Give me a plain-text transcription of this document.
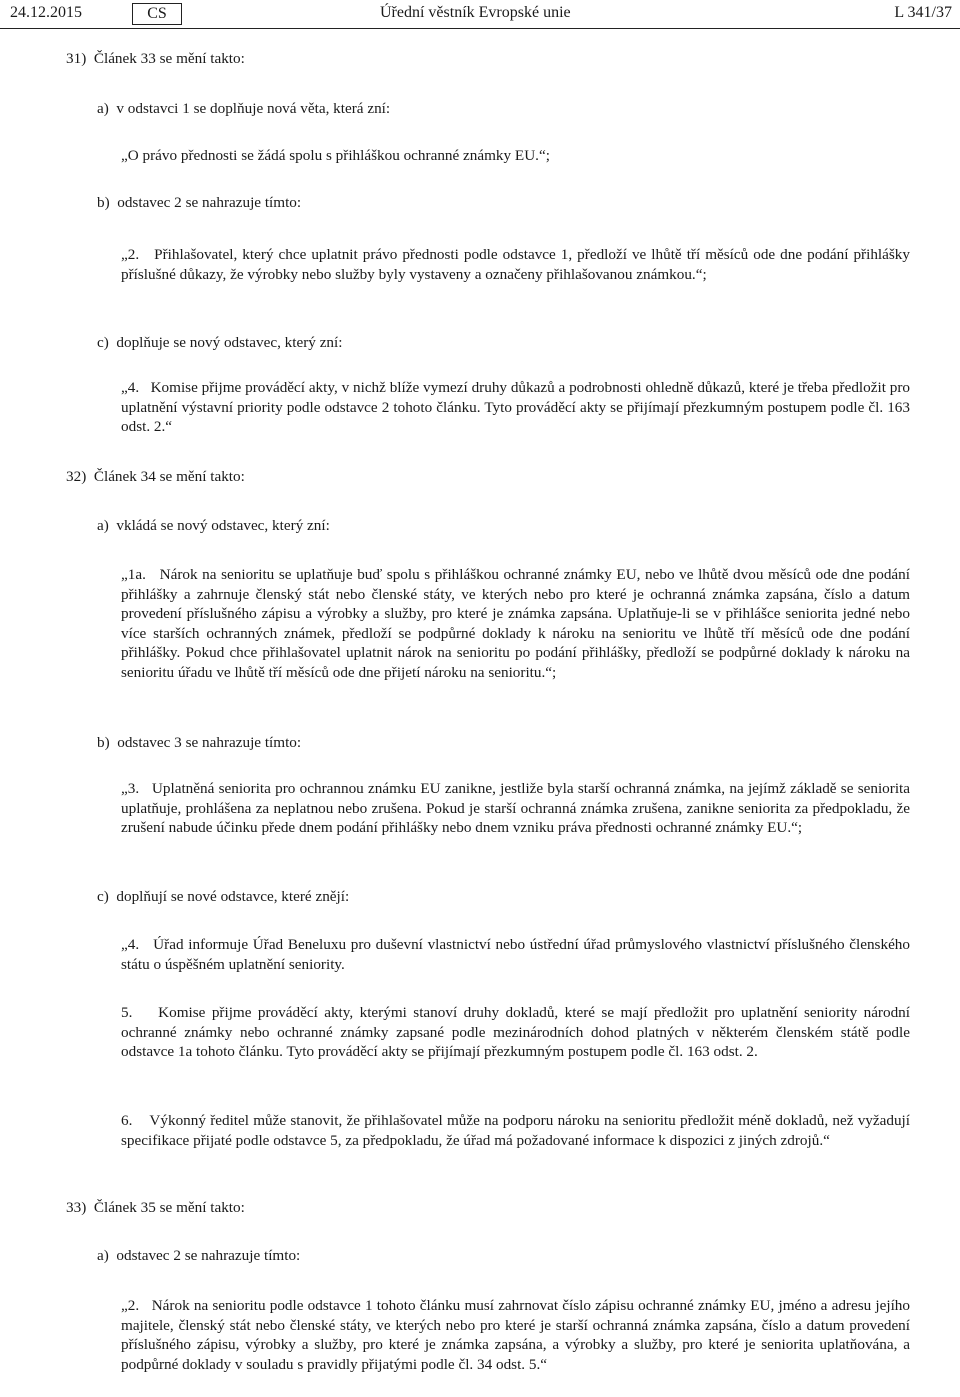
24.12.2015	CS	Úřední věstník Evropské unie	L 341/37

31)  Článek 33 se mění takto:

a)  v odstavci 1 se doplňuje nová věta, která zní:

„O právo přednosti se žádá spolu s přihláškou ochranné známky EU.“;

b)  odstavec 2 se nahrazuje tímto:

„2.   Přihlašovatel, který chce uplatnit právo přednosti podle odstavce 1, předloží ve lhůtě tří měsíců ode dne podání přihlášky příslušné důkazy, že výrobky nebo služby byly vystaveny a označeny přihlašovanou známkou.“;

c)  doplňuje se nový odstavec, který zní:

„4.   Komise přijme prováděcí akty, v nichž blíže vymezí druhy důkazů a podrobnosti ohledně důkazů, které je třeba předložit pro uplatnění výstavní priority podle odstavce 2 tohoto článku. Tyto prováděcí akty se přijímají přezkumným postupem podle čl. 163 odst. 2.“

32)  Článek 34 se mění takto:

a)  vkládá se nový odstavec, který zní:

„1a.   Nárok na senioritu se uplatňuje buď spolu s přihláškou ochranné známky EU, nebo ve lhůtě dvou měsíců ode dne podání přihlášky a zahrnuje členský stát nebo členské státy, ve kterých nebo pro které je ochranná známka zapsána, číslo a datum provedení příslušného zápisu a výrobky a služby, pro které je známka zapsána. Uplatňuje-li se v přihlášce seniorita jedné nebo více starších ochranných známek, předloží se podpůrné doklady k nároku na senioritu ve lhůtě tří měsíců ode dne podání přihlášky. Pokud chce přihlašovatel uplatnit nárok na senioritu po podání přihlášky, předloží se podpůrné doklady k nároku na senioritu úřadu ve lhůtě tří měsíců ode dne přijetí nároku na senioritu.“;

b)  odstavec 3 se nahrazuje tímto:

„3.   Uplatněná seniorita pro ochrannou známku EU zanikne, jestliže byla starší ochranná známka, na jejímž základě se seniorita uplatňuje, prohlášena za neplatnou nebo zrušena. Pokud je starší ochranná známka zrušena, zanikne seniorita za předpokladu, že zrušení nabude účinku přede dnem podání přihlášky nebo dnem vzniku práva přednosti ochranné známky EU.“;

c)  doplňují se nové odstavce, které znějí:

„4.   Úřad informuje Úřad Beneluxu pro duševní vlastnictví nebo ústřední úřad průmyslového vlastnictví příslušného členského státu o úspěšném uplatnění seniority.

5.    Komise přijme prováděcí akty, kterými stanoví druhy dokladů, které se mají předložit pro uplatnění seniority národní ochranné známky nebo ochranné známky zapsané podle mezinárodních dohod platných v některém členském státě podle odstavce 1a tohoto článku. Tyto prováděcí akty se přijímají přezkumným postupem podle čl. 163 odst. 2.

6.    Výkonný ředitel může stanovit, že přihlašovatel může na podporu nároku na senioritu předložit méně dokladů, než vyžadují specifikace přijaté podle odstavce 5, za předpokladu, že úřad má požadované informace k dispozici z jiných zdrojů.“

33)  Článek 35 se mění takto:

a)  odstavec 2 se nahrazuje tímto:

„2.   Nárok na senioritu podle odstavce 1 tohoto článku musí zahrnovat číslo zápisu ochranné známky EU, jméno a adresu jejího majitele, členský stát nebo členské státy, ve kterých nebo pro které je starší ochranná známka zapsána, číslo a datum provedení příslušného zápisu, výrobky a služby, pro které je známka zapsána, a výrobky a služby, pro které je seniorita uplatňována, a podpůrné doklady v souladu s pravidly přijatými podle čl. 34 odst. 5.“
